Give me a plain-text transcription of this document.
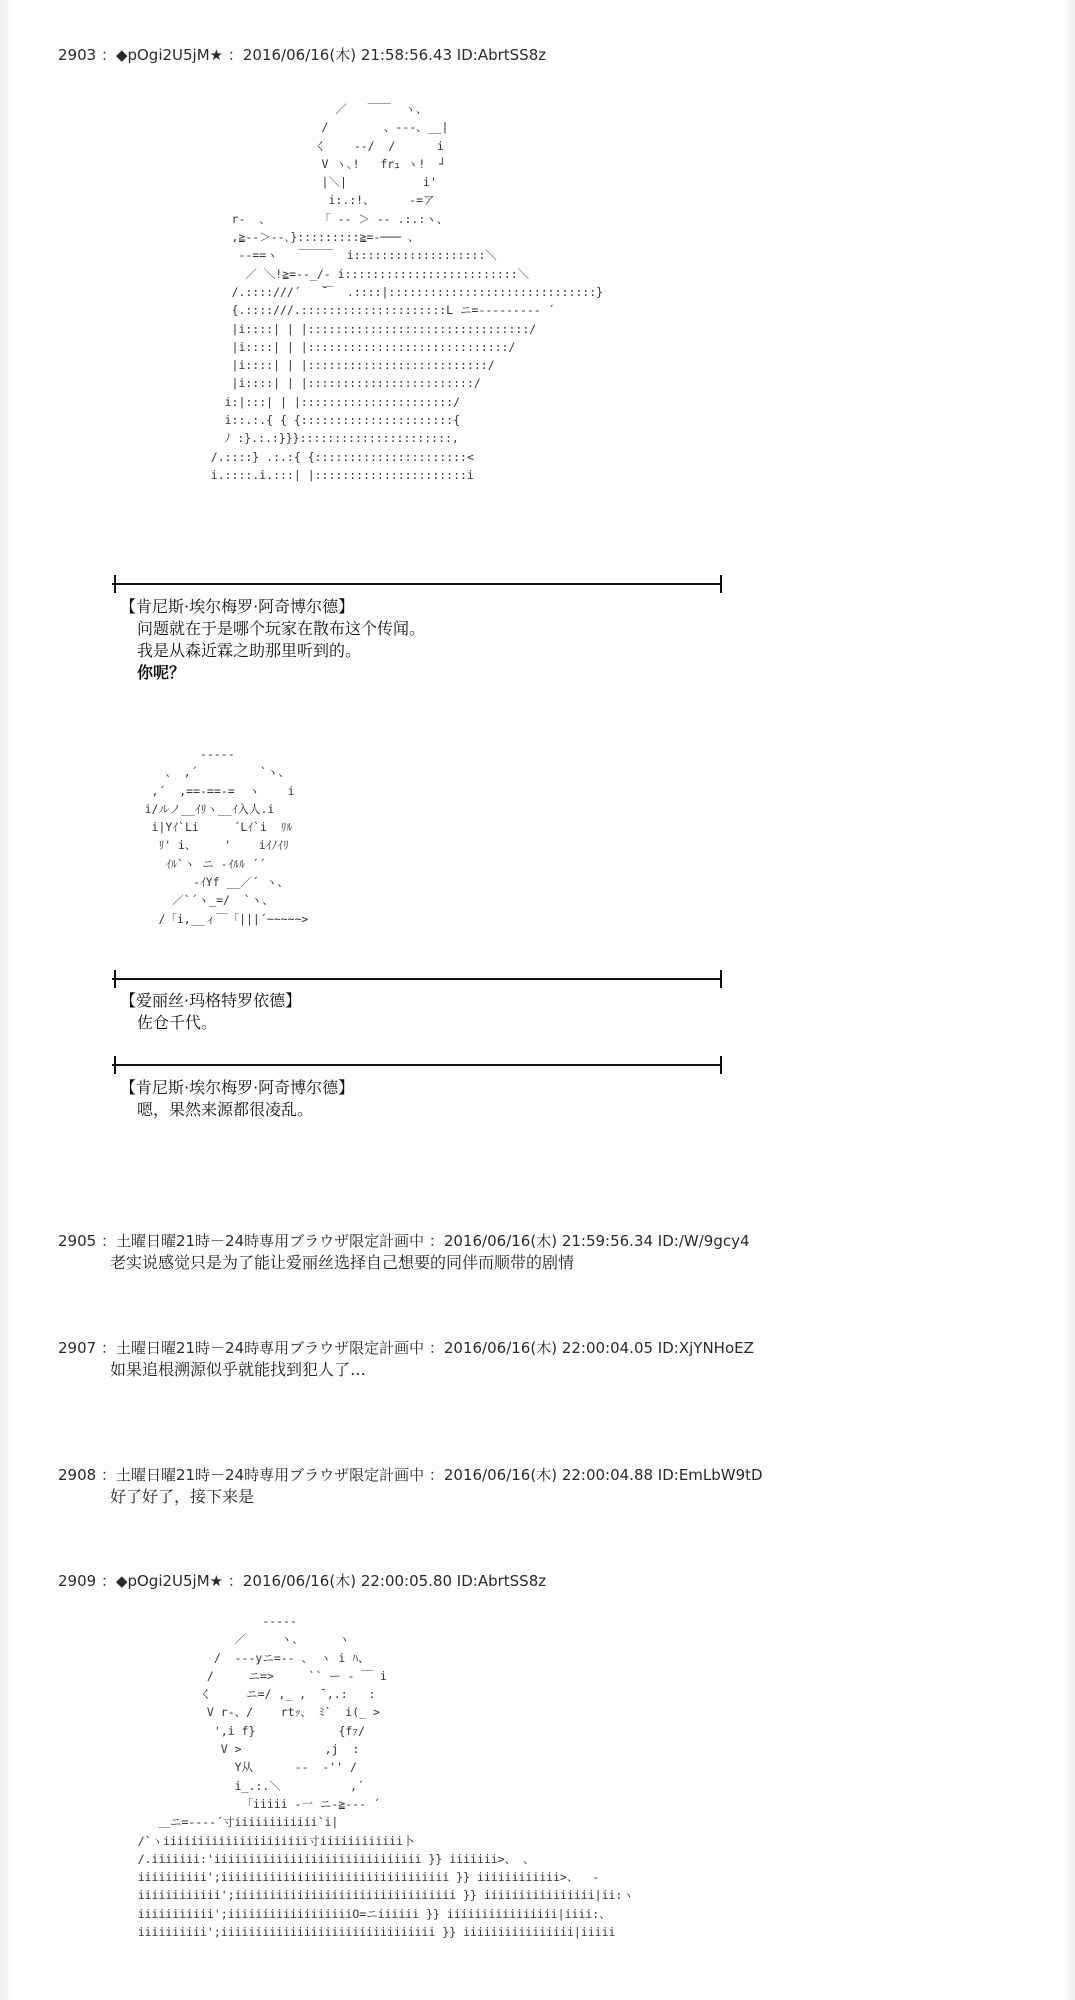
2903 ：◆pOgi2U5jM★ ：2016/06/16(木) 21:58:56.43 ID:AbrtSS8z
／   ￣￣  ヽ、
/        、-‐-、__|
く    ‐-/  /      i
V ヽ､!   frｭ ヽ!  ┘
|＼|           i'
i:.:!、     -=ア
r‐  、       「 ‐- ＞ ‐- .:.:ヽ、
,≧‐-＞‐-､}:::::::::≧=‐─── 、
‐-==ヽ   ￣￣￣  i:::::::::::::::::::＼
／ ＼!≧=‐-_/‐ i:::::::::::::::::::::::::＼
/.::::///´   ̄￣  .::::|::::::::::::::::::::::::::::::}
{.::::///.:::::::::::::::::::::L ニ=‐-------- ´
|i::::| | |::::::::::::::::::::::::::::::::/
|i::::| | |:::::::::::::::::::::::::::::/
|i::::| | |::::::::::::::::::::::::::/
|i::::| | |::::::::::::::::::::::::/
i:|:::| | |::::::::::::::::::::::/
i::.:.{ { {::::::::::::::::::::::{
ﾉ :}.:.:}}}::::::::::::::::::::::,
/.::::} .:.:{ {::::::::::::::::::::::<
i.::::.i.:::| |::::::::::::::::::::::i
【肯尼斯·埃尔梅罗·阿奇博尔德】
问题就在于是哪个玩家在散布这个传闻。
我是从森近霖之助那里听到的。
你呢？
-----
、 ,´         `ヽ、
,´  ,==‐==‐=  ヽ    i
i/ルノ__ｲﾘヽ__ｲ入人.i
i|Yｲ`Li     ´Lｲ`i  ﾘﾙ
ﾘ' i、    '    iｲﾉｲﾘ
ｲﾙ`ヽ ニ -ｲﾙﾙ ´´
‐ｲYf __／´ ヽ、
／`´ヽ_=/  `ヽ、
/「i,__ィ￣「|||´~~~~~>
【爱丽丝·玛格特罗依德】
佐仓千代。
【肯尼斯·埃尔梅罗·阿奇博尔德】
嗯，果然来源都很凌乱。
2905 ：土曜日曜21時－24時専用ブラウザ限定計画中 ：2016/06/16(木) 21:59:56.34 ID:/W/9gcy4
老实说感觉只是为了能让爱丽丝选择自己想要的同伴而顺带的剧情
2907 ：土曜日曜21時－24時専用ブラウザ限定計画中 ：2016/06/16(木) 22:00:04.05 ID:XjYNHoEZ
如果追根溯源似乎就能找到犯人了…
2908 ：土曜日曜21時－24時専用ブラウザ限定計画中 ：2016/06/16(木) 22:00:04.88 ID:EmLbW9tD
好了好了，接下来是
2909 ：◆pOgi2U5jM★ ：2016/06/16(木) 22:00:05.80 ID:AbrtSS8z
-----
／     ヽ、     ヽ
/  ‐-‐yニ=‐- 、 ヽ i ﾊ、
/     ニ=>     `` ー ‐ ￣ i
く     ニ=/ ,_ ,  ̄ ,.:   :
V r‐、/    rtｯ、 ﾐ`  i(_ >
',i f}            {fｧ/
V >            ,j  :
Y从      ‐‐  ‐'' /
i_.:.＼          ,´
「iiiii ‐一 ニ‐≧‐-‐ ´
＿ニ=‐‐‐‐´寸iiiiiiiiiiii`i|
/`ヽiiiiiiiiiiiiiiiiiiiii寸iiiiiiiiiiii卜
/.iiiiiii:'iiiiiiiiiiiiiiiiiiiiiiiiiiiiii }} iiiiiii>、 、
iiiiiiiiii';iiiiiiiiiiiiiiiiiiiiiiiiiiiiiiiii }} iiiiiiiiiiii>、  ‐
iiiiiiiiiiii';iiiiiiiiiiiiiiiiiiiiiiiiiiiiiiii }} iiiiiiiiiiiiiiii|ii:ヽ
iiiiiiiiiii';iiiiiiiiiiiiiiiiiiO=ニiiiiii }} iiiiiiiiiiiiiiii|iiii:、
iiiiiiiiii';iiiiiiiiiiiiiiiiiiiiiiiiiiiiiii }} iiiiiiiiiiiiiiii|iiiii
